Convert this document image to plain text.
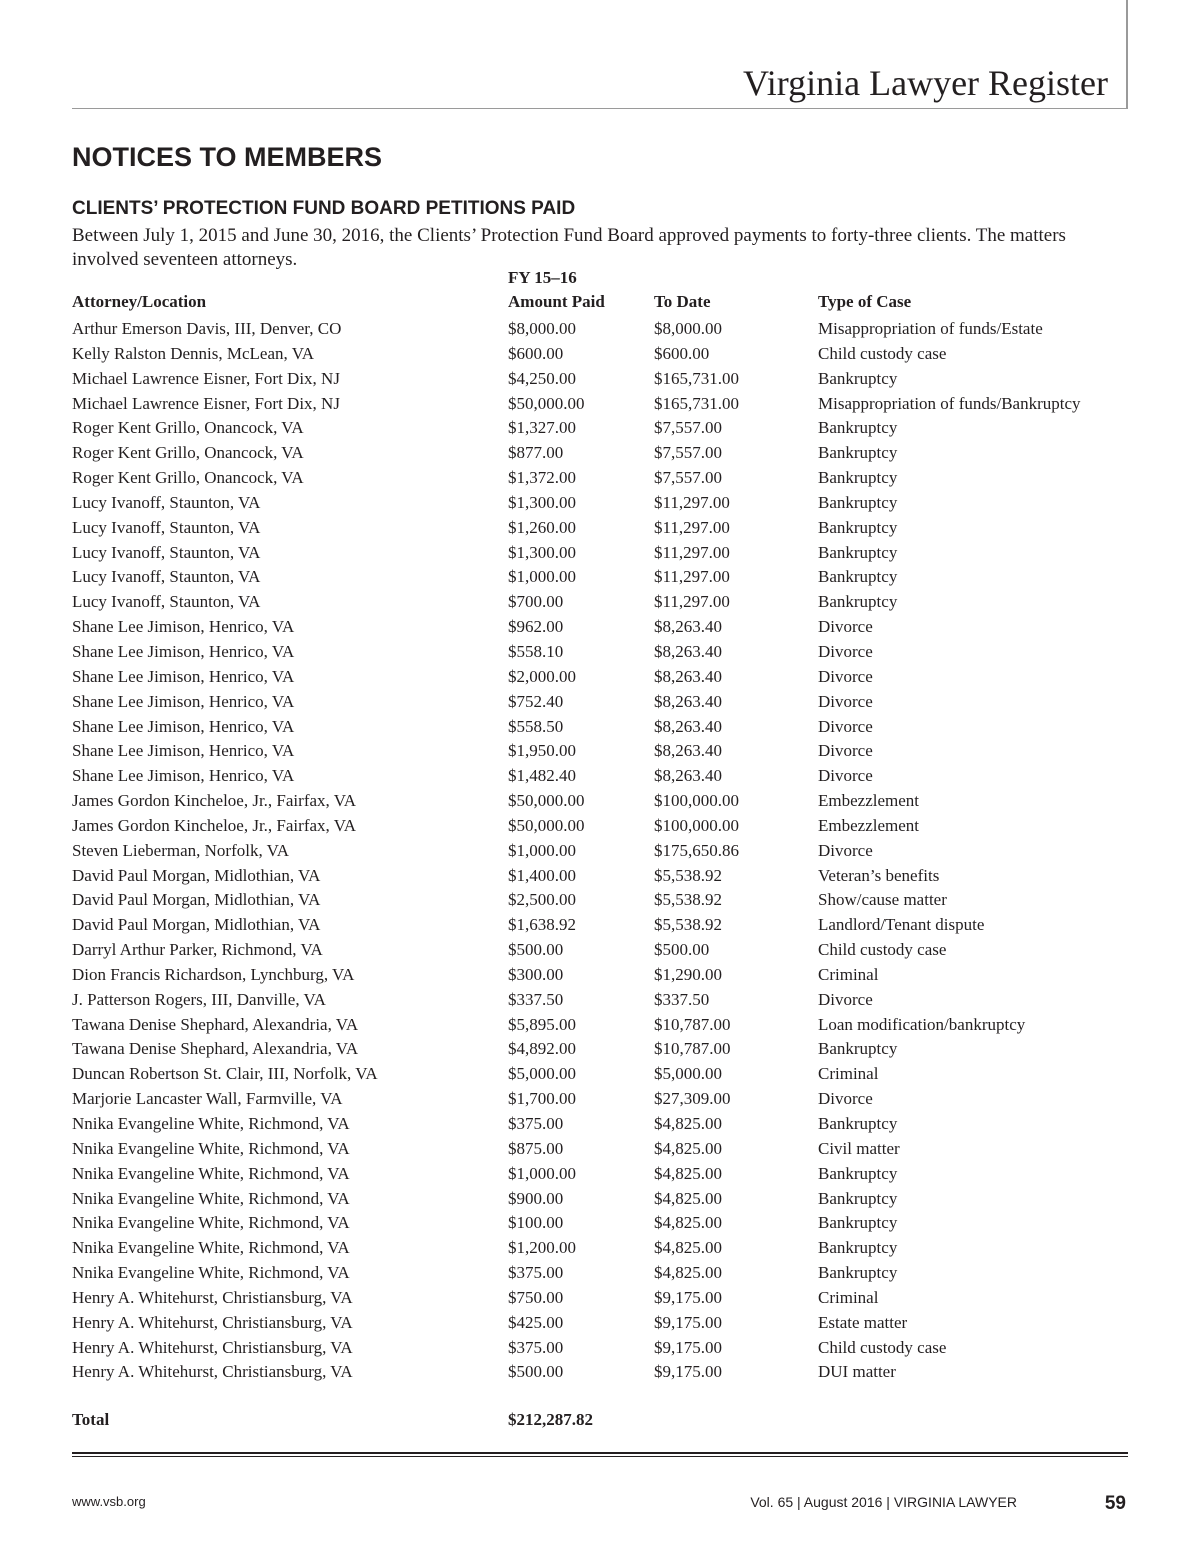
Virginia Lawyer Register
NOTICES TO MEMBERS
CLIENTS’ PROTECTION FUND BOARD PETITIONS PAID
Between July 1, 2015 and June 30, 2016, the Clients’ Protection Fund Board approved payments to forty-three clients. The matters involved seventeen attorneys.
FY 15–16
Attorney/Location	Amount Paid	To Date	Type of Case
Arthur Emerson Davis, III, Denver, CO	$8,000.00	$8,000.00	Misappropriation of funds/Estate
Kelly Ralston Dennis, McLean, VA	$600.00	$600.00	Child custody case
Michael Lawrence Eisner, Fort Dix, NJ	$4,250.00	$165,731.00	Bankruptcy
Michael Lawrence Eisner, Fort Dix, NJ	$50,000.00	$165,731.00	Misappropriation of funds/Bankruptcy
Roger Kent Grillo, Onancock, VA	$1,327.00	$7,557.00	Bankruptcy
Roger Kent Grillo, Onancock, VA	$877.00	$7,557.00	Bankruptcy
Roger Kent Grillo, Onancock, VA	$1,372.00	$7,557.00	Bankruptcy
Lucy Ivanoff, Staunton, VA	$1,300.00	$11,297.00	Bankruptcy
Lucy Ivanoff, Staunton, VA	$1,260.00	$11,297.00	Bankruptcy
Lucy Ivanoff, Staunton, VA	$1,300.00	$11,297.00	Bankruptcy
Lucy Ivanoff, Staunton, VA	$1,000.00	$11,297.00	Bankruptcy
Lucy Ivanoff, Staunton, VA	$700.00	$11,297.00	Bankruptcy
Shane Lee Jimison, Henrico, VA	$962.00	$8,263.40	Divorce
Shane Lee Jimison, Henrico, VA	$558.10	$8,263.40	Divorce
Shane Lee Jimison, Henrico, VA	$2,000.00	$8,263.40	Divorce
Shane Lee Jimison, Henrico, VA	$752.40	$8,263.40	Divorce
Shane Lee Jimison, Henrico, VA	$558.50	$8,263.40	Divorce
Shane Lee Jimison, Henrico, VA	$1,950.00	$8,263.40	Divorce
Shane Lee Jimison, Henrico, VA	$1,482.40	$8,263.40	Divorce
James Gordon Kincheloe, Jr., Fairfax, VA	$50,000.00	$100,000.00	Embezzlement
James Gordon Kincheloe, Jr., Fairfax, VA	$50,000.00	$100,000.00	Embezzlement
Steven Lieberman, Norfolk, VA	$1,000.00	$175,650.86	Divorce
David Paul Morgan, Midlothian, VA	$1,400.00	$5,538.92	Veteran’s benefits
David Paul Morgan, Midlothian, VA	$2,500.00	$5,538.92	Show/cause matter
David Paul Morgan, Midlothian, VA	$1,638.92	$5,538.92	Landlord/Tenant dispute
Darryl Arthur Parker, Richmond, VA	$500.00	$500.00	Child custody case
Dion Francis Richardson, Lynchburg, VA	$300.00	$1,290.00	Criminal
J. Patterson Rogers, III, Danville, VA	$337.50	$337.50	Divorce
Tawana Denise Shephard, Alexandria, VA	$5,895.00	$10,787.00	Loan modification/bankruptcy
Tawana Denise Shephard, Alexandria, VA	$4,892.00	$10,787.00	Bankruptcy
Duncan Robertson St. Clair, III, Norfolk, VA	$5,000.00	$5,000.00	Criminal
Marjorie Lancaster Wall, Farmville, VA	$1,700.00	$27,309.00	Divorce
Nnika Evangeline White, Richmond, VA	$375.00	$4,825.00	Bankruptcy
Nnika Evangeline White, Richmond, VA	$875.00	$4,825.00	Civil matter
Nnika Evangeline White, Richmond, VA	$1,000.00	$4,825.00	Bankruptcy
Nnika Evangeline White, Richmond, VA	$900.00	$4,825.00	Bankruptcy
Nnika Evangeline White, Richmond, VA	$100.00	$4,825.00	Bankruptcy
Nnika Evangeline White, Richmond, VA	$1,200.00	$4,825.00	Bankruptcy
Nnika Evangeline White, Richmond, VA	$375.00	$4,825.00	Bankruptcy
Henry A. Whitehurst, Christiansburg, VA	$750.00	$9,175.00	Criminal
Henry A. Whitehurst, Christiansburg, VA	$425.00	$9,175.00	Estate matter
Henry A. Whitehurst, Christiansburg, VA	$375.00	$9,175.00	Child custody case
Henry A. Whitehurst, Christiansburg, VA	$500.00	$9,175.00	DUI matter
Total	$212,287.82
www.vsb.org	Vol. 65 | August 2016 | VIRGINIA LAWYER	59
